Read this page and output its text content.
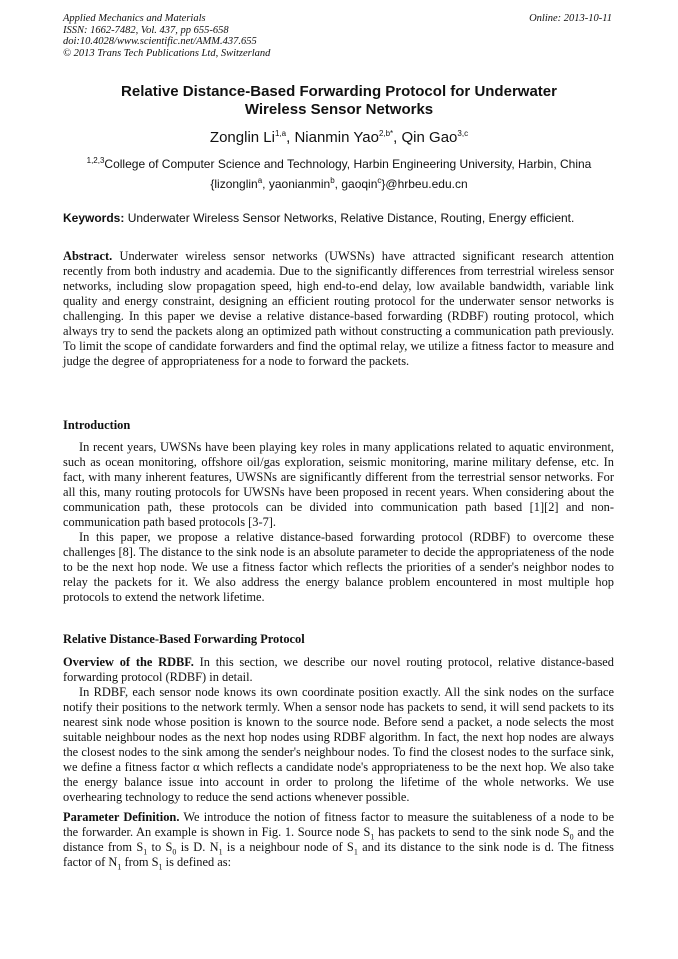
Applied Mechanics and Materials
ISSN: 1662-7482, Vol. 437, pp 655-658
doi:10.4028/www.scientific.net/AMM.437.655
© 2013 Trans Tech Publications Ltd, Switzerland
Online: 2013-10-11
Relative Distance-Based Forwarding Protocol for Underwater
Wireless Sensor Networks
Zonglin Li$^{1,a}$, Nianmin Yao$^{2,b*}$, Qin Gao$^{3,c}$
$^{1,2,3}$College of Computer Science and Technology, Harbin Engineering University, Harbin, China
{lizonglin$^a$, yaonianmin$^b$, gaoqin$^c$}@hrbeu.edu.cn
Keywords: Underwater Wireless Sensor Networks, Relative Distance, Routing, Energy efficient.

Abstract. Underwater wireless sensor networks (UWSNs) have attracted significant research attention recently from both industry and academia. Due to the significantly differences from terrestrial wireless sensor networks, including slow propagation speed, high end-to-end delay, low available bandwidth, variable link quality and energy constraint, designing an efficient routing protocol for the underwater sensor networks is challenging. In this paper we devise a relative distance-based forwarding (RDBF) routing protocol, which always try to send the packets along an optimized path without constructing a communication path previously. To limit the scope of candidate forwarders and find the optimal relay, we utilize a fitness factor to measure and judge the degree of appropriateness for a node to forward the packets.

Introduction

In recent years, UWSNs have been playing key roles in many applications related to aquatic environment, such as ocean monitoring, offshore oil/gas exploration, seismic monitoring, marine military defense, etc. In fact, with many inherent features, UWSNs are significantly different from the terrestrial sensor networks. For all this, many routing protocols for UWSNs have been proposed in recent years. When considering about the communication path, these protocols can be divided into communication path based [1][2] and non-communication path based protocols [3-7].

In this paper, we propose a relative distance-based forwarding protocol (RDBF) to overcome these challenges [8]. The distance to the sink node is an absolute parameter to decide the appropriateness of the node to be the next hop node. We use a fitness factor which reflects the priorities of a sender's neighbor nodes to relay the packets for it. We also address the energy balance problem encountered in most multiple hop protocols to extend the network lifetime.

Relative Distance-Based Forwarding Protocol

Overview of the RDBF. In this section, we describe our novel routing protocol, relative distance-based forwarding protocol (RDBF) in detail.

In RDBF, each sensor node knows its own coordinate position exactly. All the sink nodes on the surface notify their positions to the network termly. When a sensor node has packets to send, it will send packets to its nearest sink node whose position is known to the source node. Before send a packet, a node selects the most suitable neighbour nodes as the next hop nodes using RDBF algorithm. In fact, the next hop nodes are always the closest nodes to the sink among the sender's neighbour nodes. To find the closest nodes to the surface sink, we define a fitness factor α which reflects a candidate node's appropriateness to be the next hop. We also take the energy balance issue into account in order to prolong the lifetime of the whole networks. We use overhearing technology to reduce the send actions whenever possible.

Parameter Definition. We introduce the notion of fitness factor to measure the suitableness of a node to be the forwarder. An example is shown in Fig. 1. Source node $S_1$ has packets to send to the sink node $S_0$ and the distance from $S_1$ to $S_0$ is D. $N_1$ is a neighbour node of $S_1$ and its distance to the sink node is d. The fitness factor of $N_1$ from $S_1$ is defined as:
